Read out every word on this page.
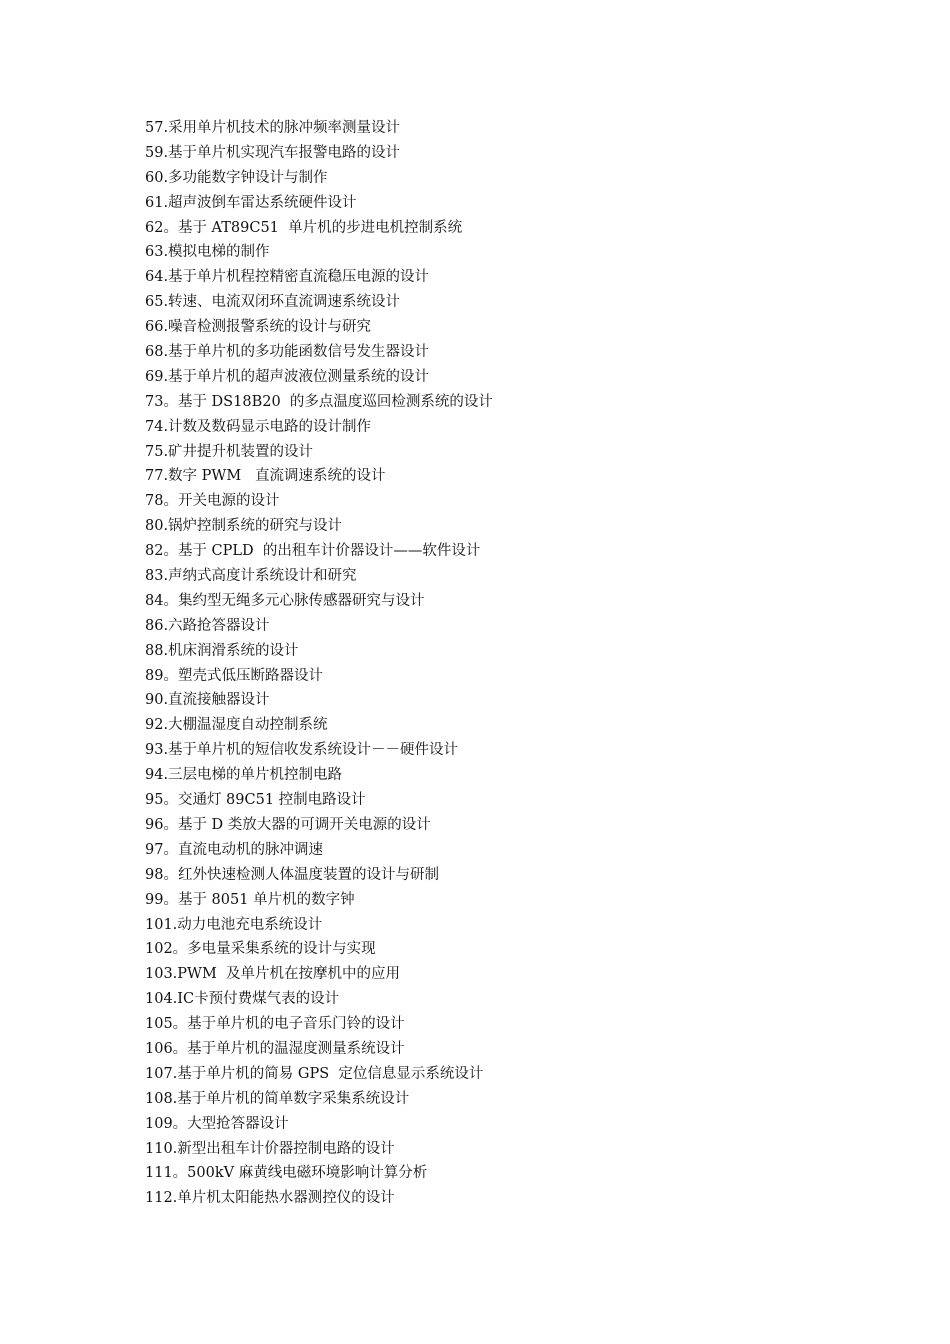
57.采用单片机技术的脉冲频率测量设计
59.基于单片机实现汽车报警电路的设计
60.多功能数字钟设计与制作
61.超声波倒车雷达系统硬件设计
62。基于 AT89C51  单片机的步进电机控制系统
63.模拟电梯的制作
64.基于单片机程控精密直流稳压电源的设计
65.转速、电流双闭环直流调速系统设计
66.噪音检测报警系统的设计与研究
68.基于单片机的多功能函数信号发生器设计
69.基于单片机的超声波液位测量系统的设计
73。基于 DS18B20  的多点温度巡回检测系统的设计
74.计数及数码显示电路的设计制作
75.矿井提升机装置的设计
77.数字 PWM   直流调速系统的设计
78。开关电源的设计
80.锅炉控制系统的研究与设计
82。基于 CPLD  的出租车计价器设计——软件设计
83.声纳式高度计系统设计和研究
84。集约型无绳多元心脉传感器研究与设计
86.六路抢答器设计
88.机床润滑系统的设计
89。塑壳式低压断路器设计
90.直流接触器设计
92.大棚温湿度自动控制系统
93.基于单片机的短信收发系统设计－－硬件设计
94.三层电梯的单片机控制电路
95。交通灯 89C51 控制电路设计
96。基于 D 类放大器的可调开关电源的设计
97。直流电动机的脉冲调速
98。红外快速检测人体温度装置的设计与研制
99。基于 8051 单片机的数字钟
101.动力电池充电系统设计
102。多电量采集系统的设计与实现
103.PWM  及单片机在按摩机中的应用
104.IC卡预付费煤气表的设计
105。基于单片机的电子音乐门铃的设计
106。基于单片机的温湿度测量系统设计
107.基于单片机的简易 GPS  定位信息显示系统设计
108.基于单片机的简单数字采集系统设计
109。大型抢答器设计
110.新型出租车计价器控制电路的设计
111。500kV 麻黄线电磁环境影响计算分析
112.单片机太阳能热水器测控仪的设计
